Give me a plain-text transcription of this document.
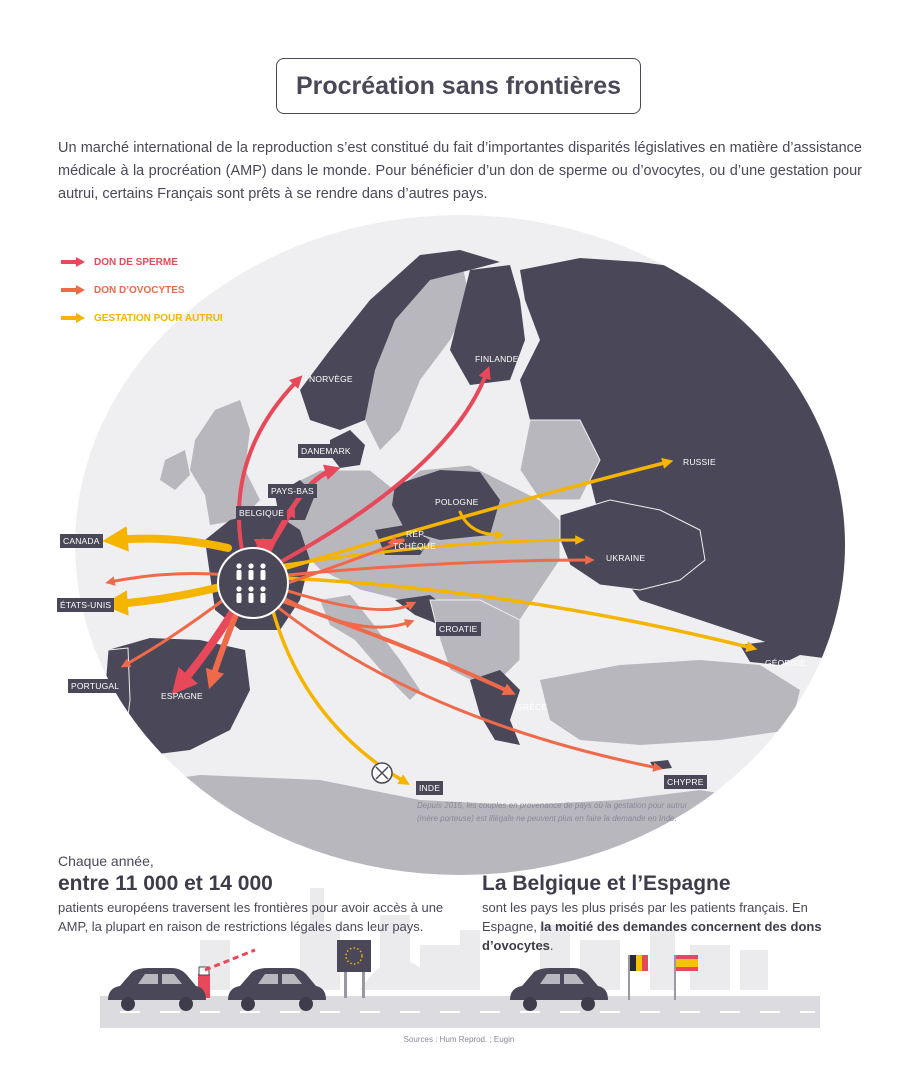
Procréation sans frontières
Un marché international de la reproduction s’est constitué du fait d’importantes disparités législatives en matière d’assistance médicale à la procréation (AMP) dans le monde. Pour bénéficier d’un don de sperme ou d’ovocytes, ou d’une gestation pour autrui, certains Français sont prêts à se rendre dans d’autres pays.
DON DE SPERME
DON D’OVOCYTES
GESTATION POUR AUTRUI
NORVÈGE
FINLANDE
DANEMARK
PAYS-BAS
BELGIQUE
CANADA
POLOGNE
RÉP.
TCHÈQUE
RUSSIE
UKRAINE
ÉTATS-UNIS
CROATIE
GÉORGIE
PORTUGAL
ESPAGNE
GRÈCE
INDE
CHYPRE
Depuis 2015, les couples en provenance de pays où la gestation pour autrui (mère porteuse) est illégale ne peuvent plus en faire la demande en Inde.
Chaque année,
entre 11 000 et 14 000
patients européens traversent les frontières pour avoir accès à une AMP, la plupart en raison de restrictions légales dans leur pays.
La Belgique et l’Espagne
sont les pays les plus prisés par les patients français. En Espagne, la moitié des demandes concernent des dons d’ovocytes.
Sources : Hum Reprod. ; Eugin
